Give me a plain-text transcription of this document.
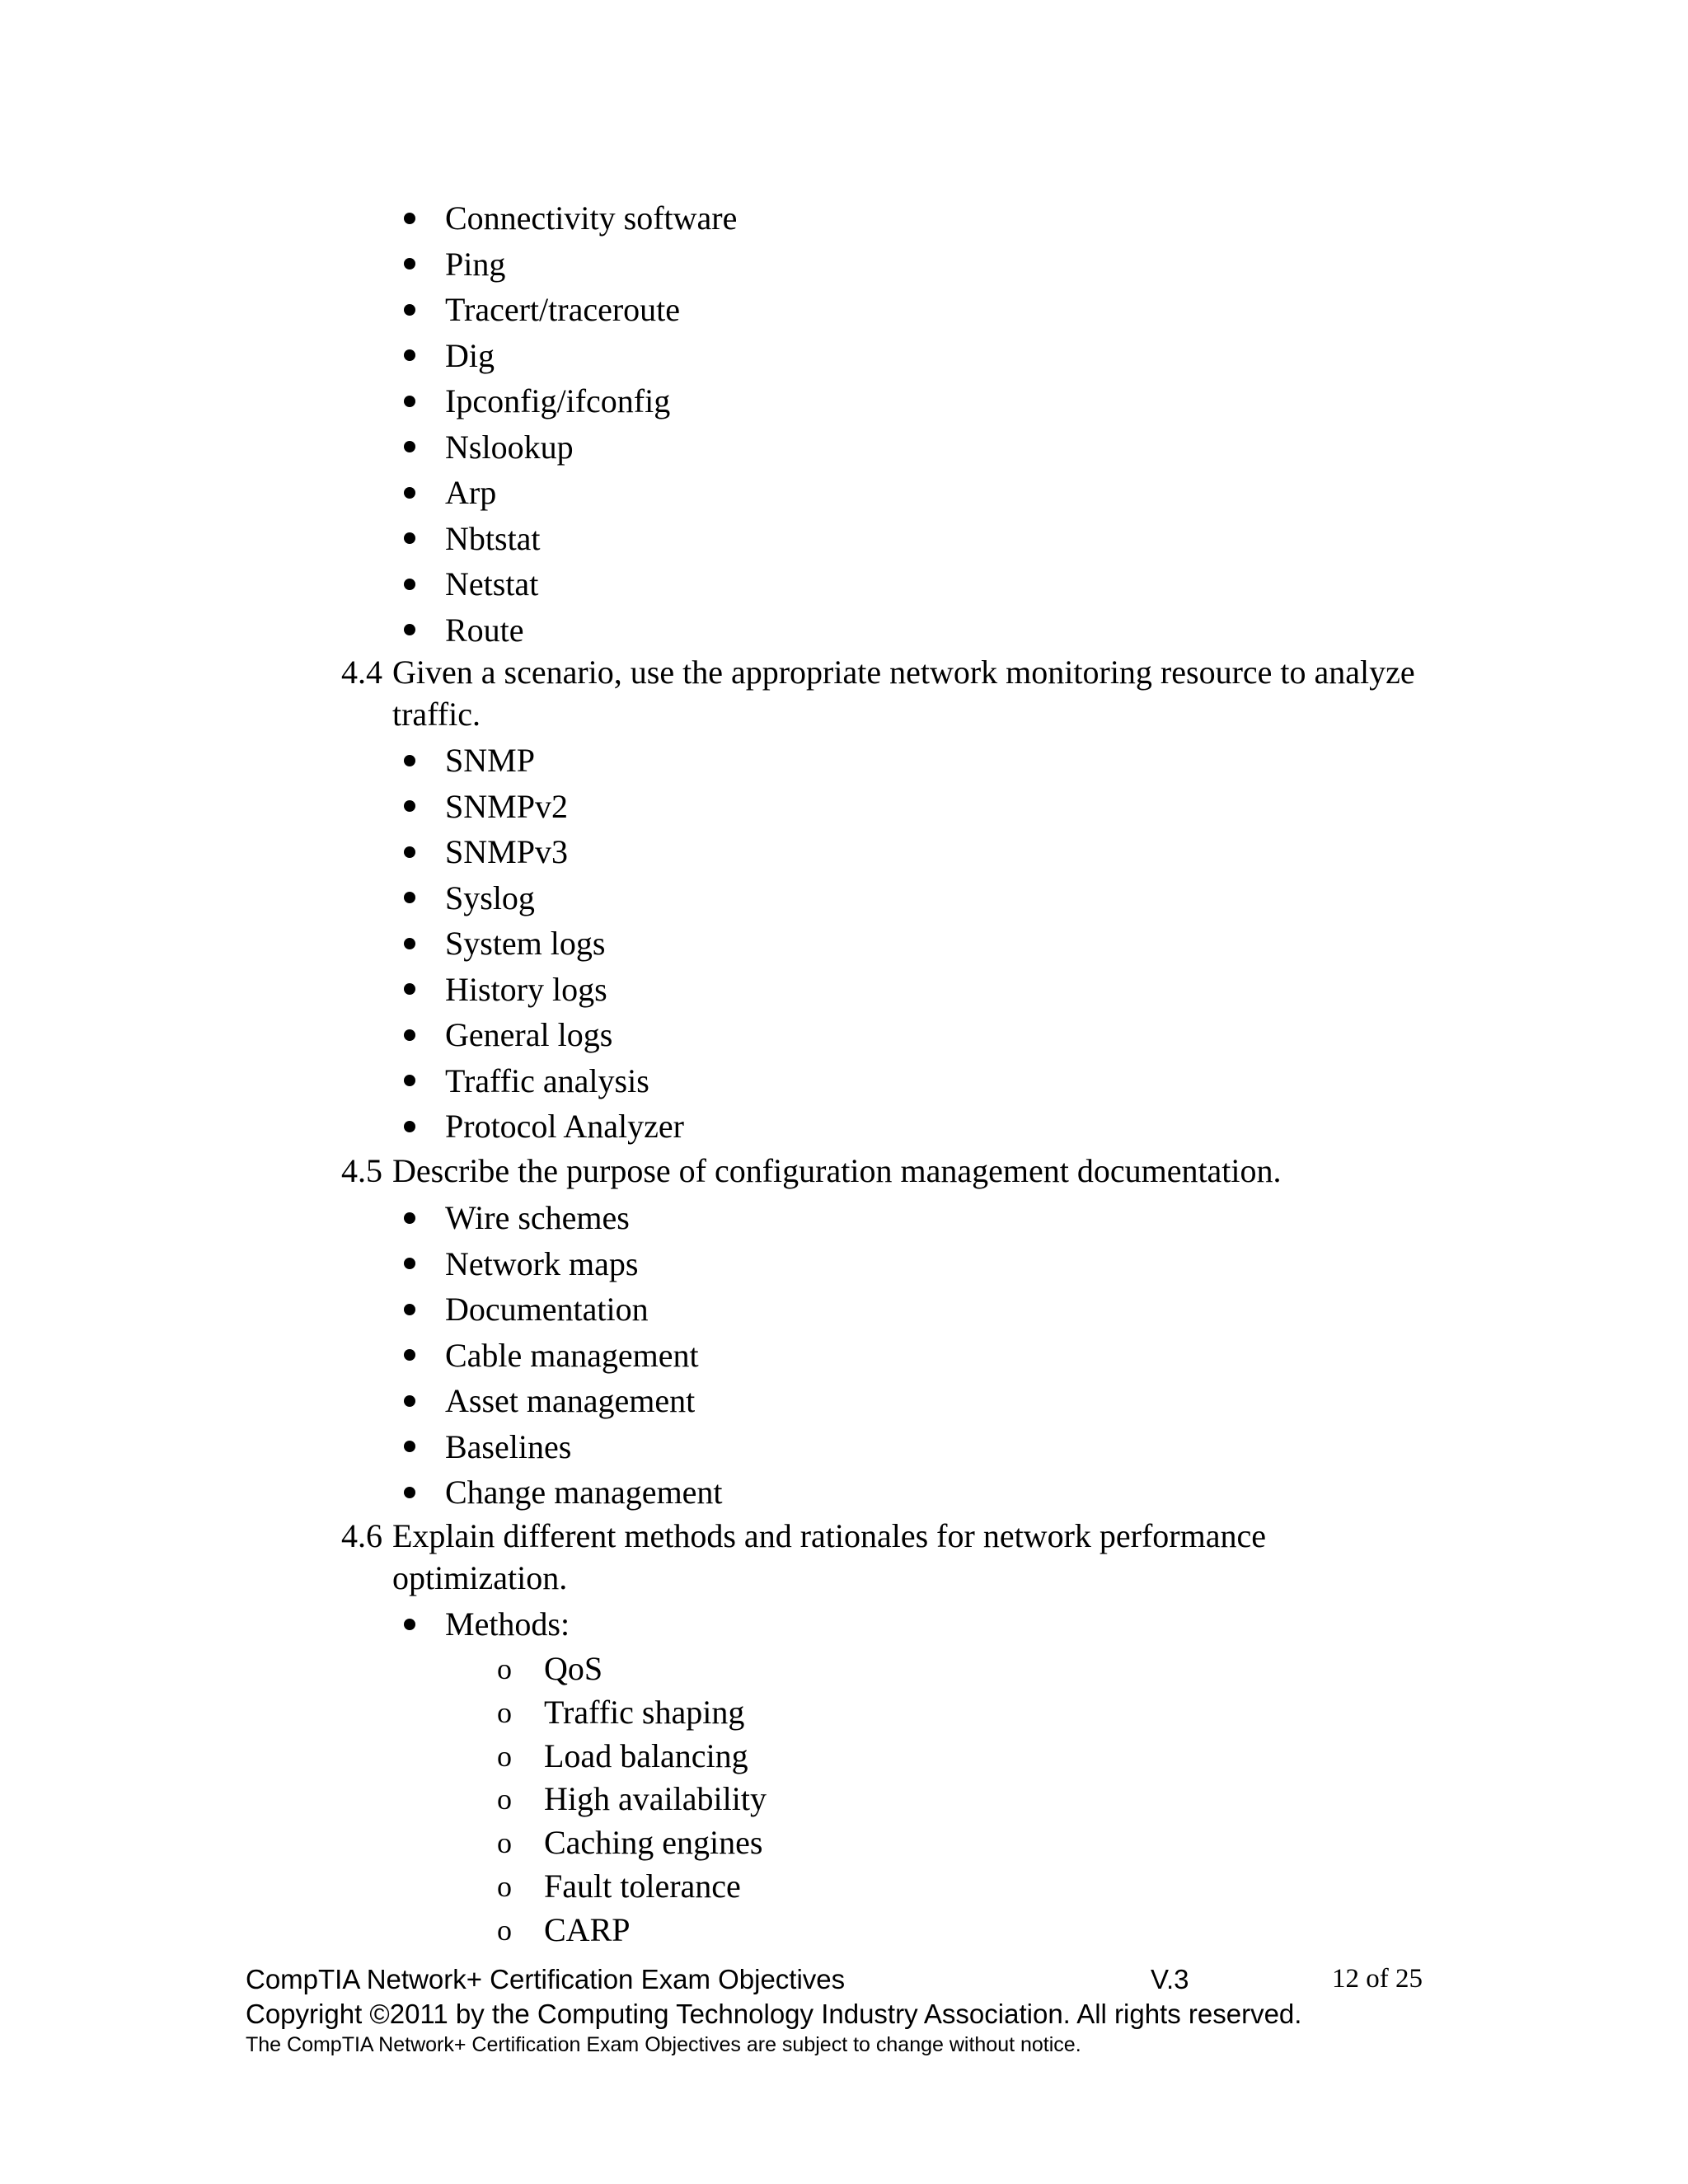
Connectivity software
Ping
Tracert/traceroute
Dig
Ipconfig/ifconfig
Nslookup
Arp
Nbtstat
Netstat
Route
4.4 Given a scenario, use the appropriate network monitoring resource to analyze traffic.
SNMP
SNMPv2
SNMPv3
Syslog
System logs
History logs
General logs
Traffic analysis
Protocol Analyzer
4.5 Describe the purpose of configuration management documentation.
Wire schemes
Network maps
Documentation
Cable management
Asset management
Baselines
Change management
4.6 Explain different methods and rationales for network performance optimization.
Methods:
o QoS
o Traffic shaping
o Load balancing
o High availability
o Caching engines
o Fault tolerance
o CARP
CompTIA Network+ Certification Exam Objectives	V.3	12 of 25
Copyright ©2011 by the Computing Technology Industry Association. All rights reserved.
The CompTIA Network+ Certification Exam Objectives are subject to change without notice.
